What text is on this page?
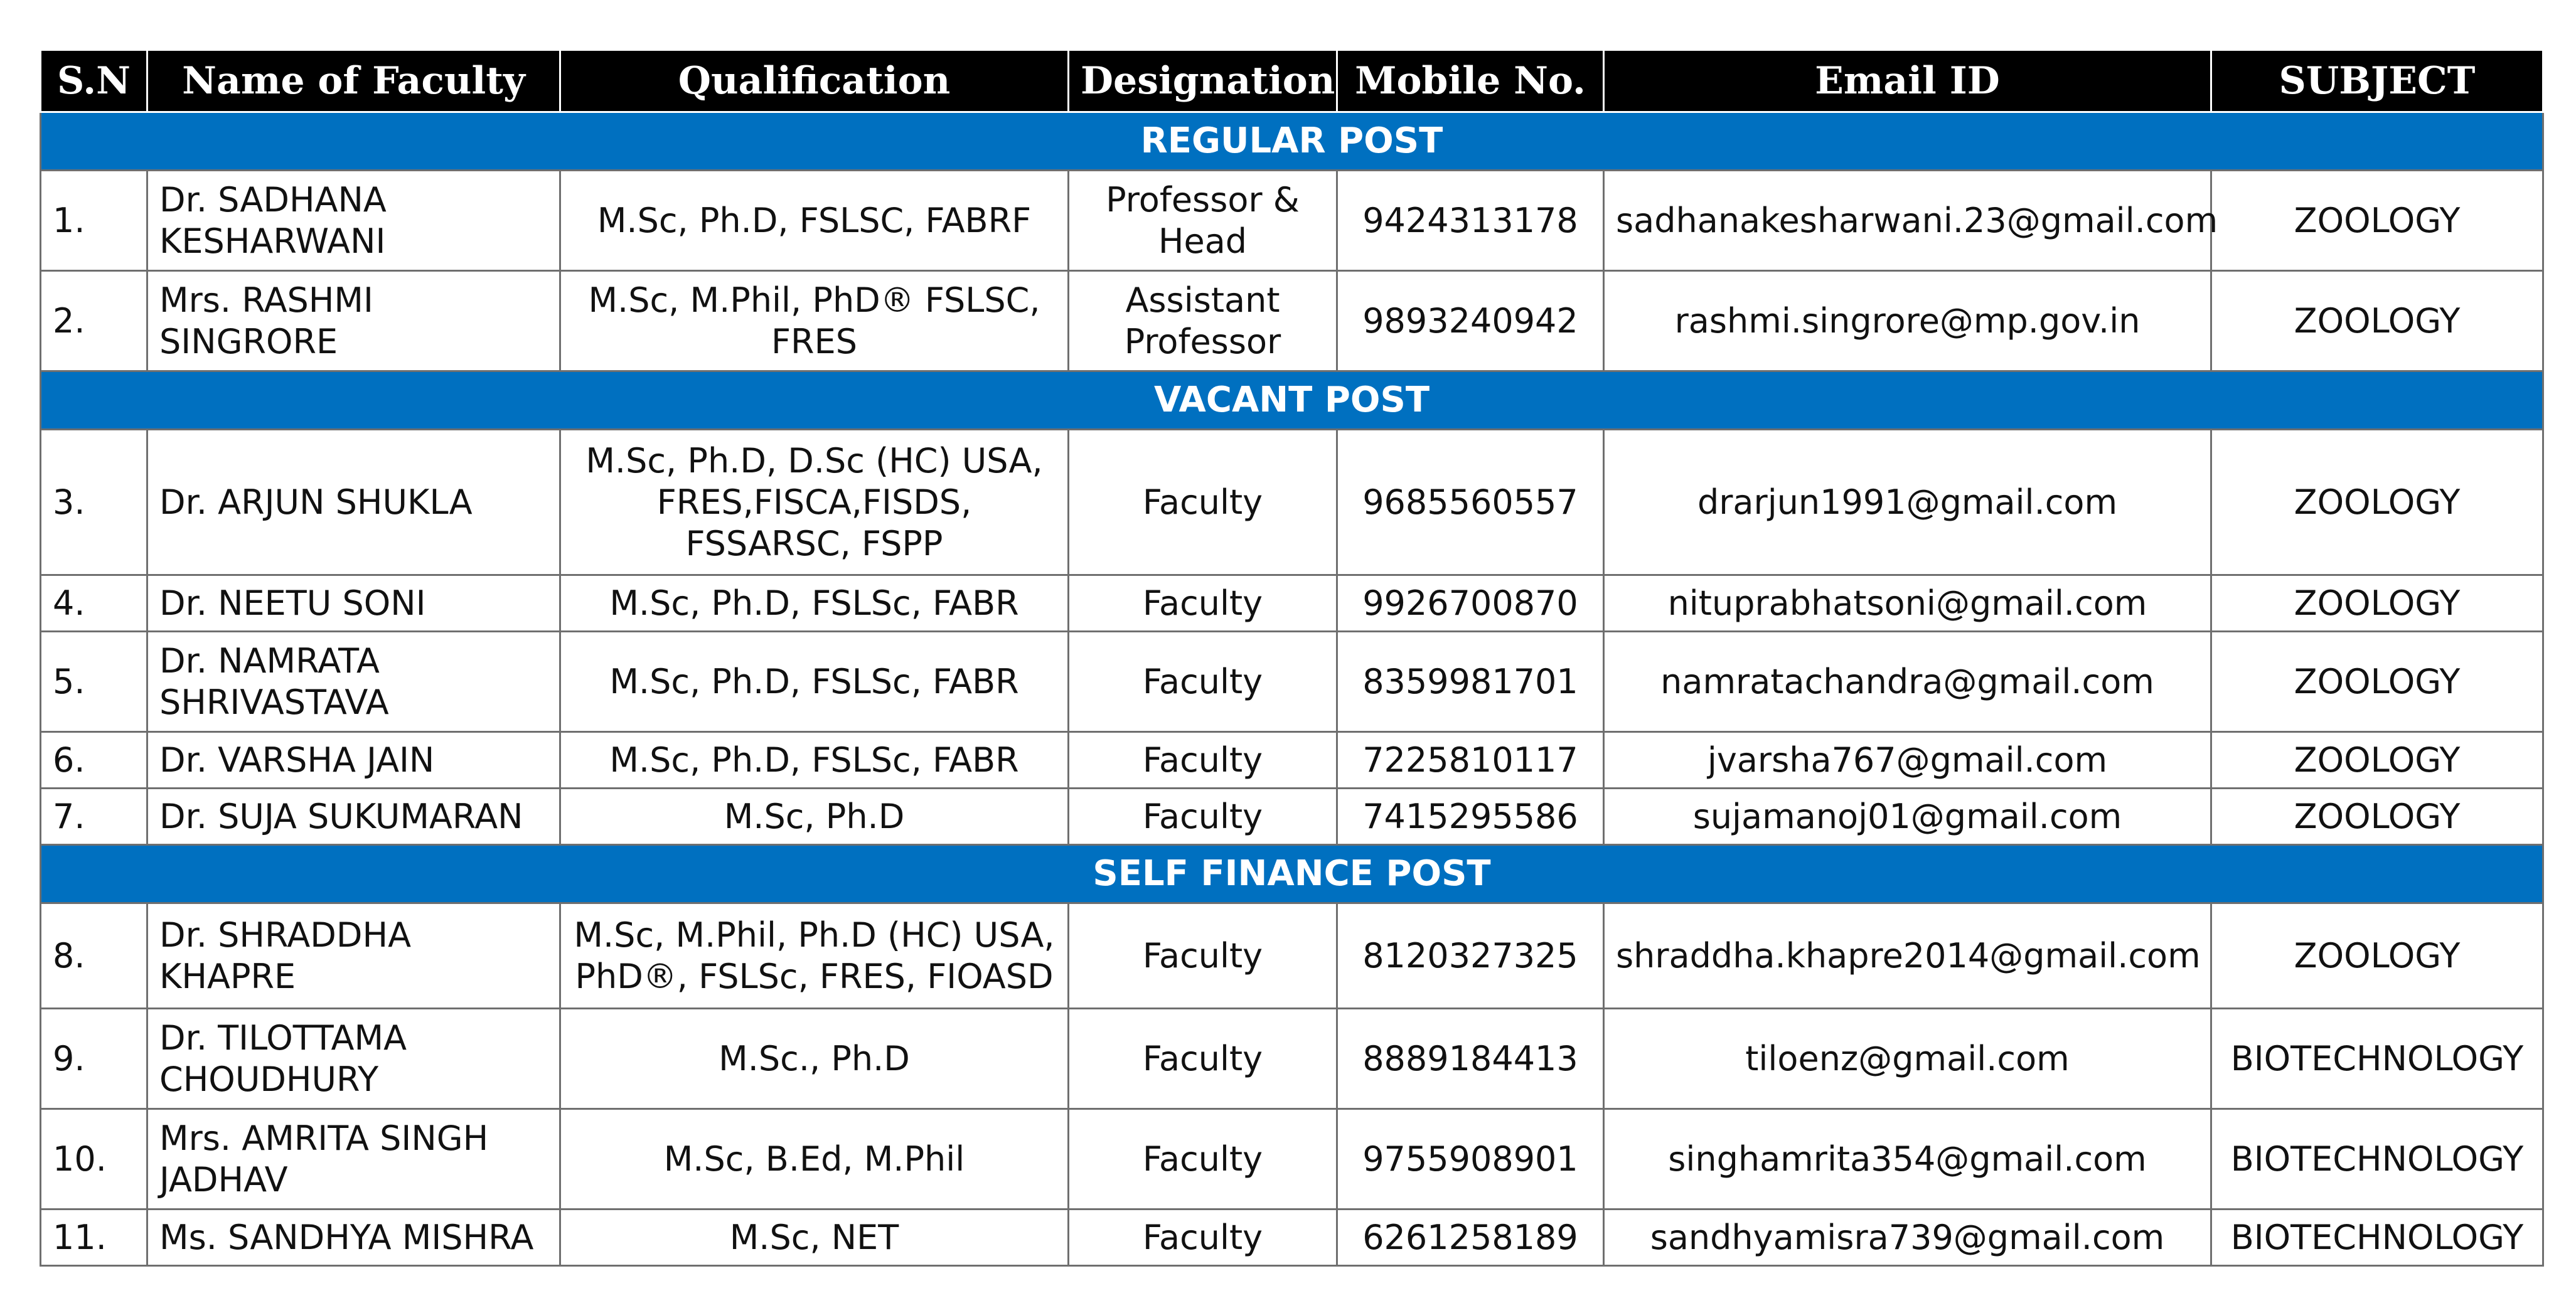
S.N	Name of Faculty	Qualification	Designation	Mobile No.	Email ID	SUBJECT
REGULAR POST						
1.	Dr. SADHANA KESHARWANI	M.Sc, Ph.D, FSLSC, FABRF	Professor & Head	9424313178	sadhanakesharwani.23@gmail.com	ZOOLOGY
2.	Mrs. RASHMI SINGRORE	M.Sc, M.Phil, PhD® FSLSC, FRES	Assistant Professor	9893240942	rashmi.singrore@mp.gov.in	ZOOLOGY
VACANT POST						
3.	Dr. ARJUN SHUKLA	M.Sc, Ph.D, D.Sc (HC) USA, FRES,FISCA,FISDS, FSSARSC, FSPP	Faculty	9685560557	drarjun1991@gmail.com	ZOOLOGY
4.	Dr. NEETU SONI	M.Sc, Ph.D, FSLSc, FABR	Faculty	9926700870	nituprabhatsoni@gmail.com	ZOOLOGY
5.	Dr. NAMRATA SHRIVASTAVA	M.Sc, Ph.D, FSLSc, FABR	Faculty	8359981701	namratachandra@gmail.com	ZOOLOGY
6.	Dr. VARSHA JAIN	M.Sc, Ph.D, FSLSc, FABR	Faculty	7225810117	jvarsha767@gmail.com	ZOOLOGY
7.	Dr. SUJA SUKUMARAN	M.Sc, Ph.D	Faculty	7415295586	sujamanoj01@gmail.com	ZOOLOGY
SELF FINANCE POST						
8.	Dr. SHRADDHA KHAPRE	M.Sc, M.Phil, Ph.D (HC) USA, PhD®, FSLSc, FRES, FIOASD	Faculty	8120327325	shraddha.khapre2014@gmail.com	ZOOLOGY
9.	Dr. TILOTTAMA CHOUDHURY	M.Sc., Ph.D	Faculty	8889184413	tiloenz@gmail.com	BIOTECHNOLOGY
10.	Mrs. AMRITA SINGH JADHAV	M.Sc, B.Ed, M.Phil	Faculty	9755908901	singhamrita354@gmail.com	BIOTECHNOLOGY
11.	Ms. SANDHYA MISHRA	M.Sc, NET	Faculty	6261258189	sandhyamisra739@gmail.com	BIOTECHNOLOGY
